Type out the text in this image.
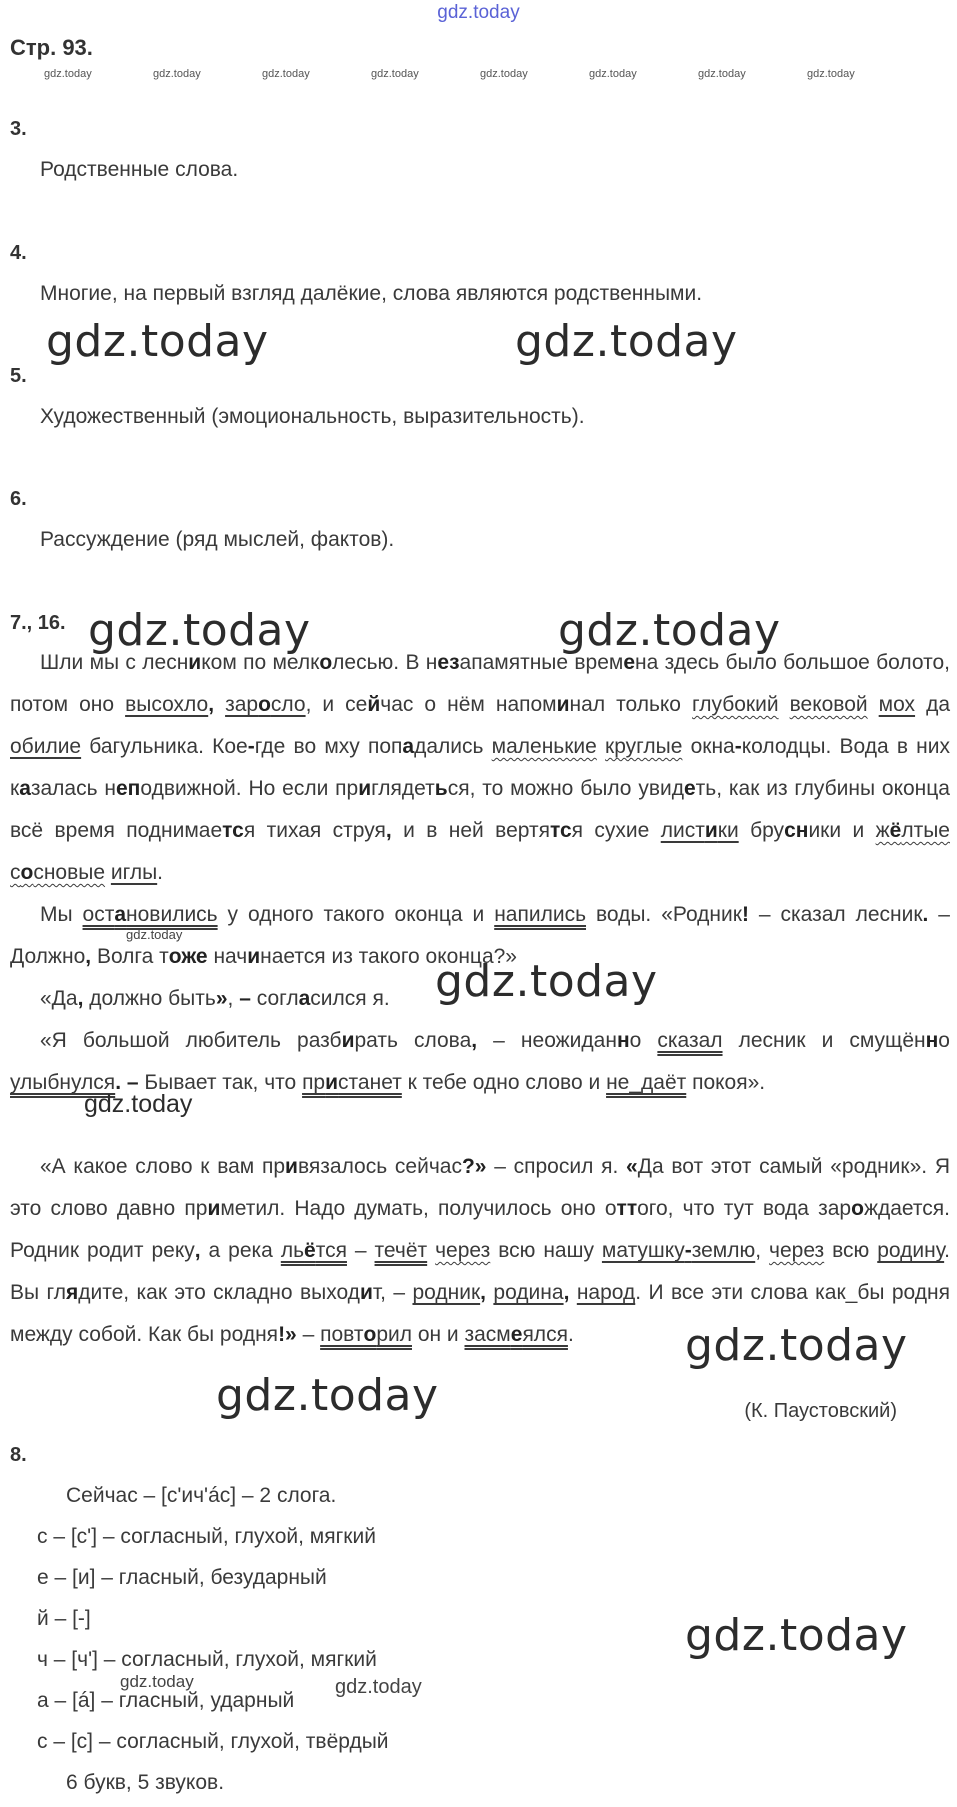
gdz.today
Стр. 93.
gdz.today	gdz.today	gdz.today	gdz.today	gdz.today	gdz.today	gdz.today	gdz.today
3.
Родственные слова.
4.
Многие, на первый взгляд далёкие, слова являются родственными.
gdz.today	gdz.today
5.
Художественный (эмоциональность, выразительность).
6.
Рассуждение (ряд мыслей, фактов).
7., 16. gdz.today	gdz.today

Шли мы с лесником по мелколесью. В незапамятные времена здесь было большое болото, потом оно высохло, заросло, и сейчас о нём напоминал только глубокий вековой мох да обилие багульника. Кое-где во мху попадались маленькие круглые окна-колодцы. Вода в них казалась неподвижной. Но если приглядеться, то можно было увидеть, как из глубины оконца всё время поднимается тихая струя, и в ней вертятся сухие листики брусники и жёлтые сосновые иглы.

Мы остановились у одного такого оконца и напились воды. «Родник! – сказал лесник. – Должно, Волга тоже начинается из такого оконца?»

gdz.today

«Да, должно быть», – согласился я.	gdz.today

«Я большой любитель разбирать слова, – неожиданно сказал лесник и смущённо улыбнулся. – Бывает так, что пристанет к тебе одно слово и не_даёт покоя».

gdz.today

«А какое слово к вам привязалось сейчас?» – спросил я. «Да вот этот самый «родник». Я это слово давно приметил. Надо думать, получилось оно оттого, что тут вода зарождается. Родник родит реку, а река льётся – течёт через всю нашу матушку-землю, через всю родину. Вы глядите, как это складно выходит, – родник, родина, народ. И все эти слова как_бы родня между собой. Как бы родня!» – повторил он и засмеялся.	gdz.today
gdz.today	(К. Паустовский)
8.
Сейчас – [с'ич'ác] – 2 слога.
с – [с'] – согласный, глухой, мягкий
е – [и] – гласный, безударный
й – [-]
ч – [ч'] – согласный, глухой, мягкий
а – [á] – гласный, ударный
с – [с] – согласный, глухой, твёрдый
6 букв, 5 звуков.
gdz.today
gdz.today	gdz.today
